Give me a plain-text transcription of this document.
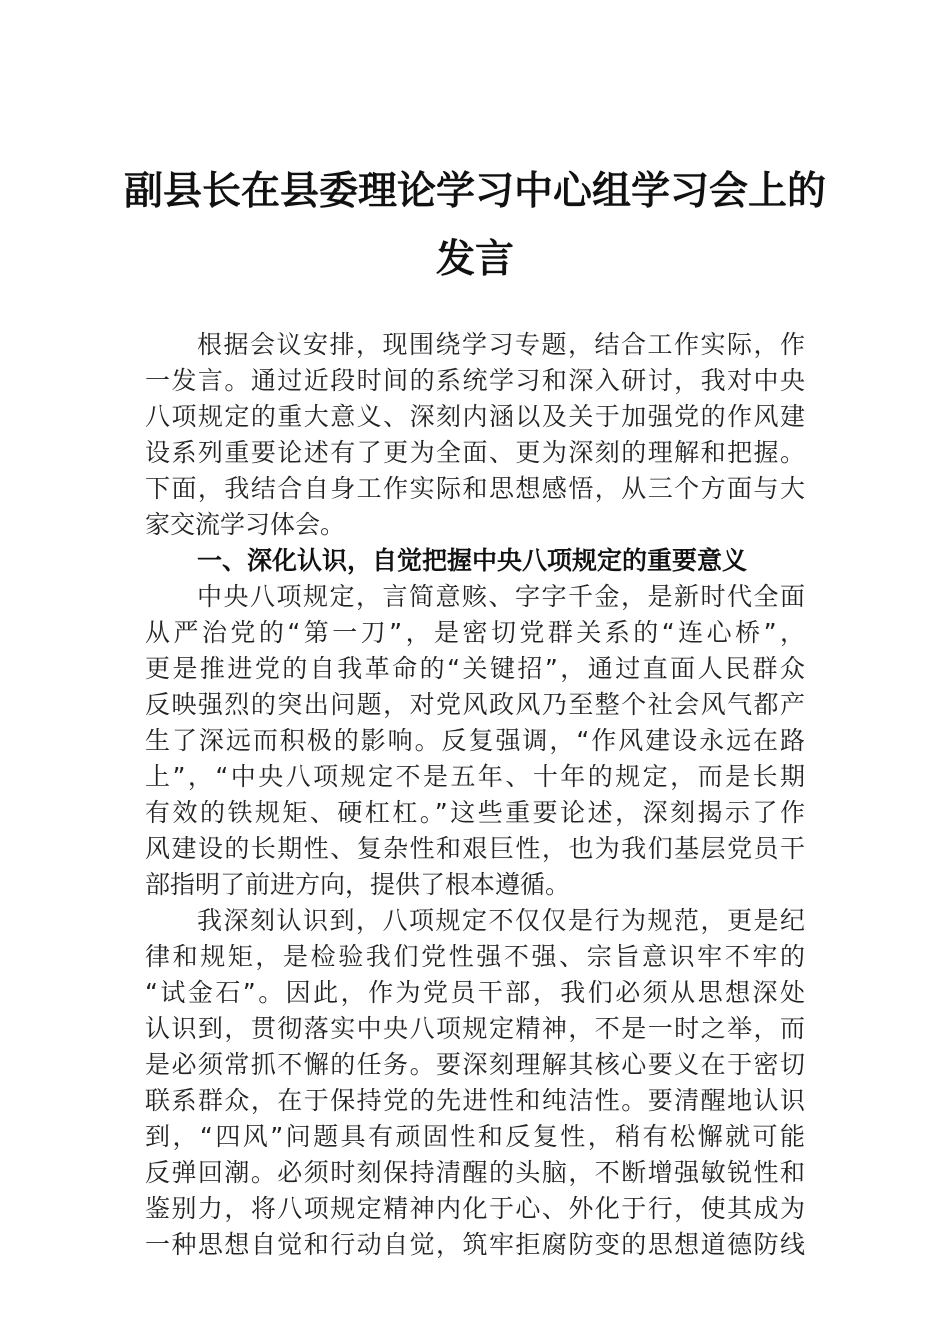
副县长在县委理论学习中心组学习会上的
发言

根据会议安排，现围绕学习专题，结合工作实际，作

一发言。通过近段时间的系统学习和深入研讨，我对中央

八项规定的重大意义、深刻内涵以及关于加强党的作风建

设系列重要论述有了更为全面、更为深刻的理解和把握。

下面，我结合自身工作实际和思想感悟，从三个方面与大

家交流学习体会。

一、深化认识，自觉把握中央八项规定的重要意义

中央八项规定，言简意赅、字字千金，是新时代全面

从严治党的“第一刀”，是密切党群关系的“连心桥”，

更是推进党的自我革命的“关键招”，通过直面人民群众

反映强烈的突出问题，对党风政风乃至整个社会风气都产

生了深远而积极的影响。反复强调，“作风建设永远在路

上”，“中央八项规定不是五年、十年的规定，而是长期

有效的铁规矩、硬杠杠。”这些重要论述，深刻揭示了作

风建设的长期性、复杂性和艰巨性，也为我们基层党员干

部指明了前进方向，提供了根本遵循。

我深刻认识到，八项规定不仅仅是行为规范，更是纪

律和规矩，是检验我们党性强不强、宗旨意识牢不牢的

“试金石”。因此，作为党员干部，我们必须从思想深处

认识到，贯彻落实中央八项规定精神，不是一时之举，而

是必须常抓不懈的任务。要深刻理解其核心要义在于密切

联系群众，在于保持党的先进性和纯洁性。要清醒地认识

到，“四风”问题具有顽固性和反复性，稍有松懈就可能

反弹回潮。必须时刻保持清醒的头脑，不断增强敏锐性和

鉴别力，将八项规定精神内化于心、外化于行，使其成为

一种思想自觉和行动自觉，筑牢拒腐防变的思想道德防线
